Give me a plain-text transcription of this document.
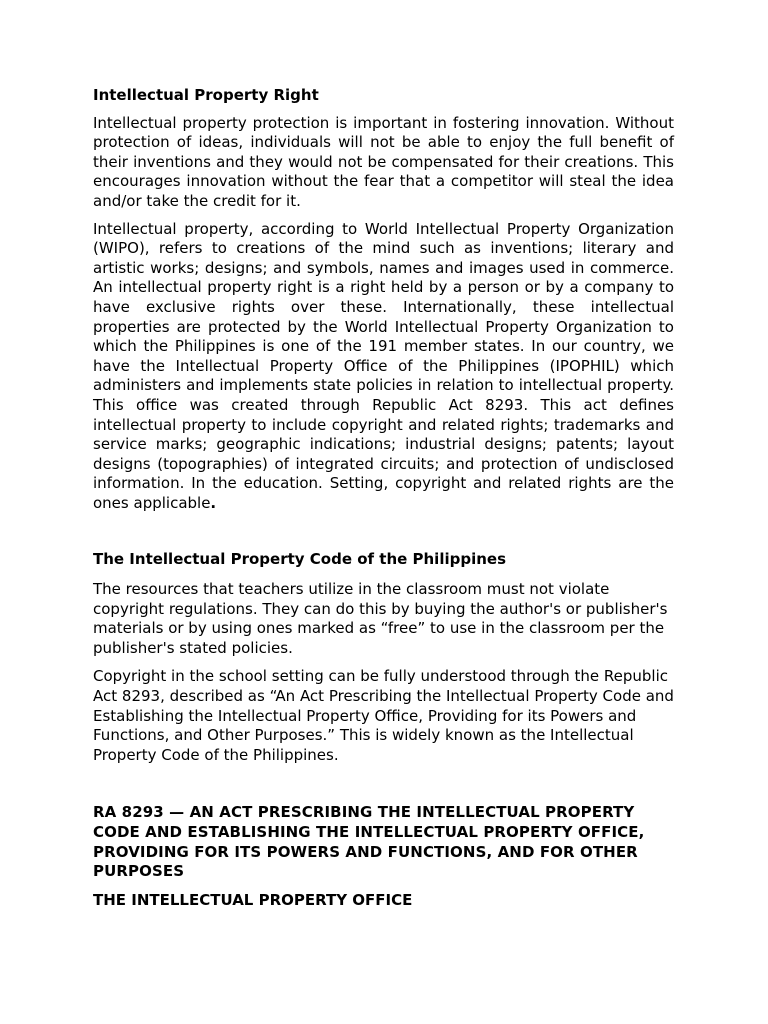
Intellectual Property Right

Intellectual property protection is important in fostering innovation. Without protection of ideas, individuals will not be able to enjoy the full benefit of their inventions and they would not be compensated for their creations. This encourages innovation without the fear that a competitor will steal the idea and/or take the credit for it.

Intellectual property, according to World Intellectual Property Organization (WIPO), refers to creations of the mind such as inventions; literary and artistic works; designs; and symbols, names and images used in commerce. An intellectual property right is a right held by a person or by a company to have exclusive rights over these. Internationally, these intellectual properties are protected by the World Intellectual Property Organization to which the Philippines is one of the 191 member states. In our country, we have the Intellectual Property Office of the Philippines (IPOPHIL) which administers and implements state policies in relation to intellectual property. This office was created through Republic Act 8293. This act defines intellectual property to include copyright and related rights; trademarks and service marks; geographic indications; industrial designs; patents; layout designs (topographies) of integrated circuits; and protection of undisclosed information. In the education. Setting, copyright and related rights are the ones applicable.

The Intellectual Property Code of the Philippines

The resources that teachers utilize in the classroom must not violate copyright regulations. They can do this by buying the author's or publisher's materials or by using ones marked as “free” to use in the classroom per the publisher's stated policies.

Copyright in the school setting can be fully understood through the Republic Act 8293, described as “An Act Prescribing the Intellectual Property Code and Establishing the Intellectual Property Office, Providing for its Powers and Functions, and Other Purposes.” This is widely known as the Intellectual Property Code of the Philippines.

RA 8293 — AN ACT PRESCRIBING THE INTELLECTUAL PROPERTY CODE AND ESTABLISHING THE INTELLECTUAL PROPERTY OFFICE, PROVIDING FOR ITS POWERS AND FUNCTIONS, AND FOR OTHER PURPOSES
THE INTELLECTUAL PROPERTY OFFICE
